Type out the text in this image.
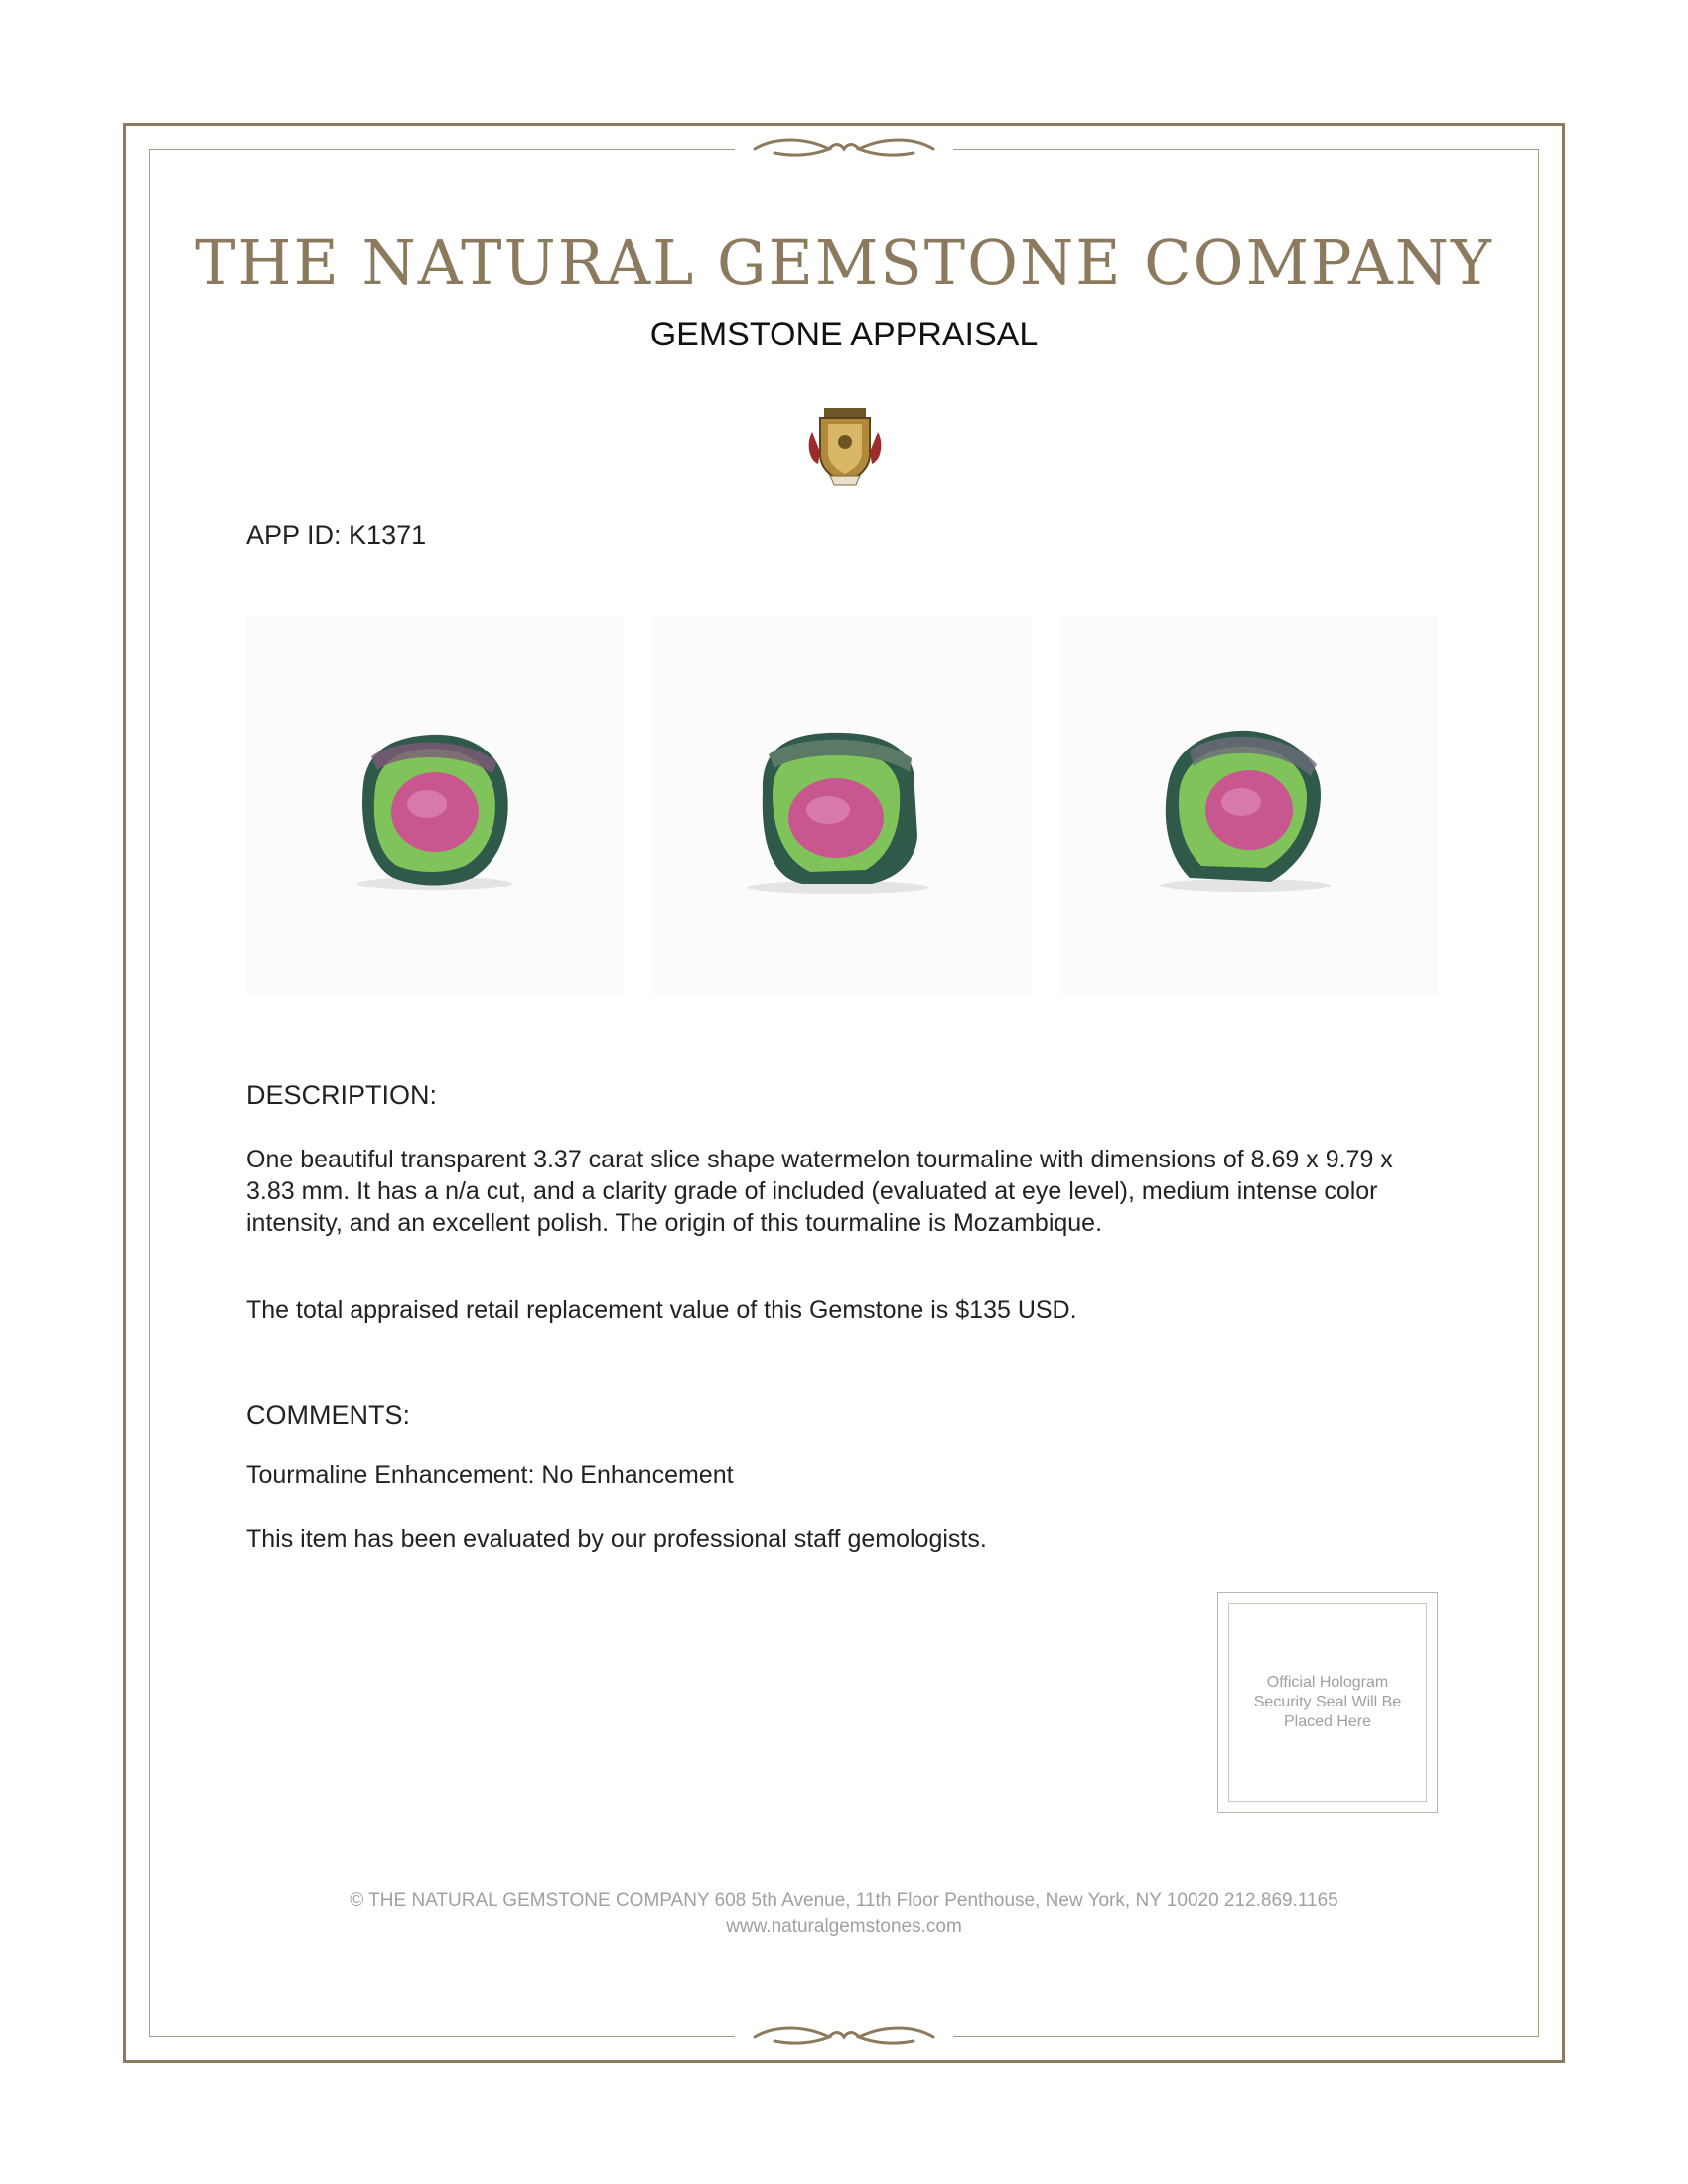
THE NATURAL GEMSTONE COMPANY
GEMSTONE APPRAISAL
APP ID: K1371
DESCRIPTION:

One beautiful transparent 3.37 carat slice shape watermelon tourmaline with dimensions of 8.69 x 9.79 x 3.83 mm. It has a n/a cut, and a clarity grade of included (evaluated at eye level), medium intense color intensity, and an excellent polish. The origin of this tourmaline is Mozambique.

The total appraised retail replacement value of this Gemstone is $135 USD.

COMMENTS:

Tourmaline Enhancement: No Enhancement

This item has been evaluated by our professional staff gemologists.

Official Hologram Security Seal Will Be Placed Here
© THE NATURAL GEMSTONE COMPANY 608 5th Avenue, 11th Floor Penthouse, New York, NY 10020 212.869.1165
www.naturalgemstones.com
